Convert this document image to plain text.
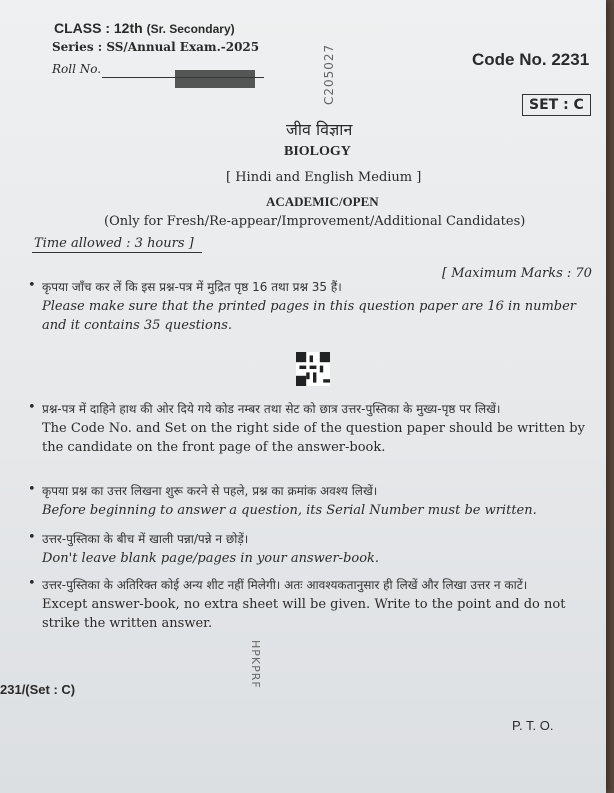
CLASS : 12th (Sr. Secondary)
Series : SS/Annual Exam.-2025
Roll No.	C205027	Code No. 2231
SET : C
जीव विज्ञान
BIOLOGY
[ Hindi and English Medium ]
ACADEMIC/OPEN
(Only for Fresh/Re-appear/Improvement/Additional Candidates)
Time allowed : 3 hours ]
[ Maximum Marks : 70
• कृपया जाँच कर लें कि इस प्रश्न-पत्र में मुद्रित पृष्ठ 16 तथा प्रश्न 35 हैं।
Please make sure that the printed pages in this question paper are 16 in number and it contains 35 questions.
• प्रश्न-पत्र में दाहिने हाथ की ओर दिये गये कोड नम्बर तथा सेट को छात्र उत्तर-पुस्तिका के मुख्य-पृष्ठ पर लिखें।
The Code No. and Set on the right side of the question paper should be written by the candidate on the front page of the answer-book.
• कृपया प्रश्न का उत्तर लिखना शुरू करने से पहले, प्रश्न का क्रमांक अवश्य लिखें।
Before beginning to answer a question, its Serial Number must be written.
• उत्तर-पुस्तिका के बीच में खाली पन्ना/पन्ने न छोड़ें।
Don't leave blank page/pages in your answer-book.
• उत्तर-पुस्तिका के अतिरिक्त कोई अन्य शीट नहीं मिलेगी। अतः आवश्यकतानुसार ही लिखें और लिखा उत्तर न काटें।
Except answer-book, no extra sheet will be given. Write to the point and do not strike the written answer.
HPKPRF
231/(Set : C)
P. T. O.
